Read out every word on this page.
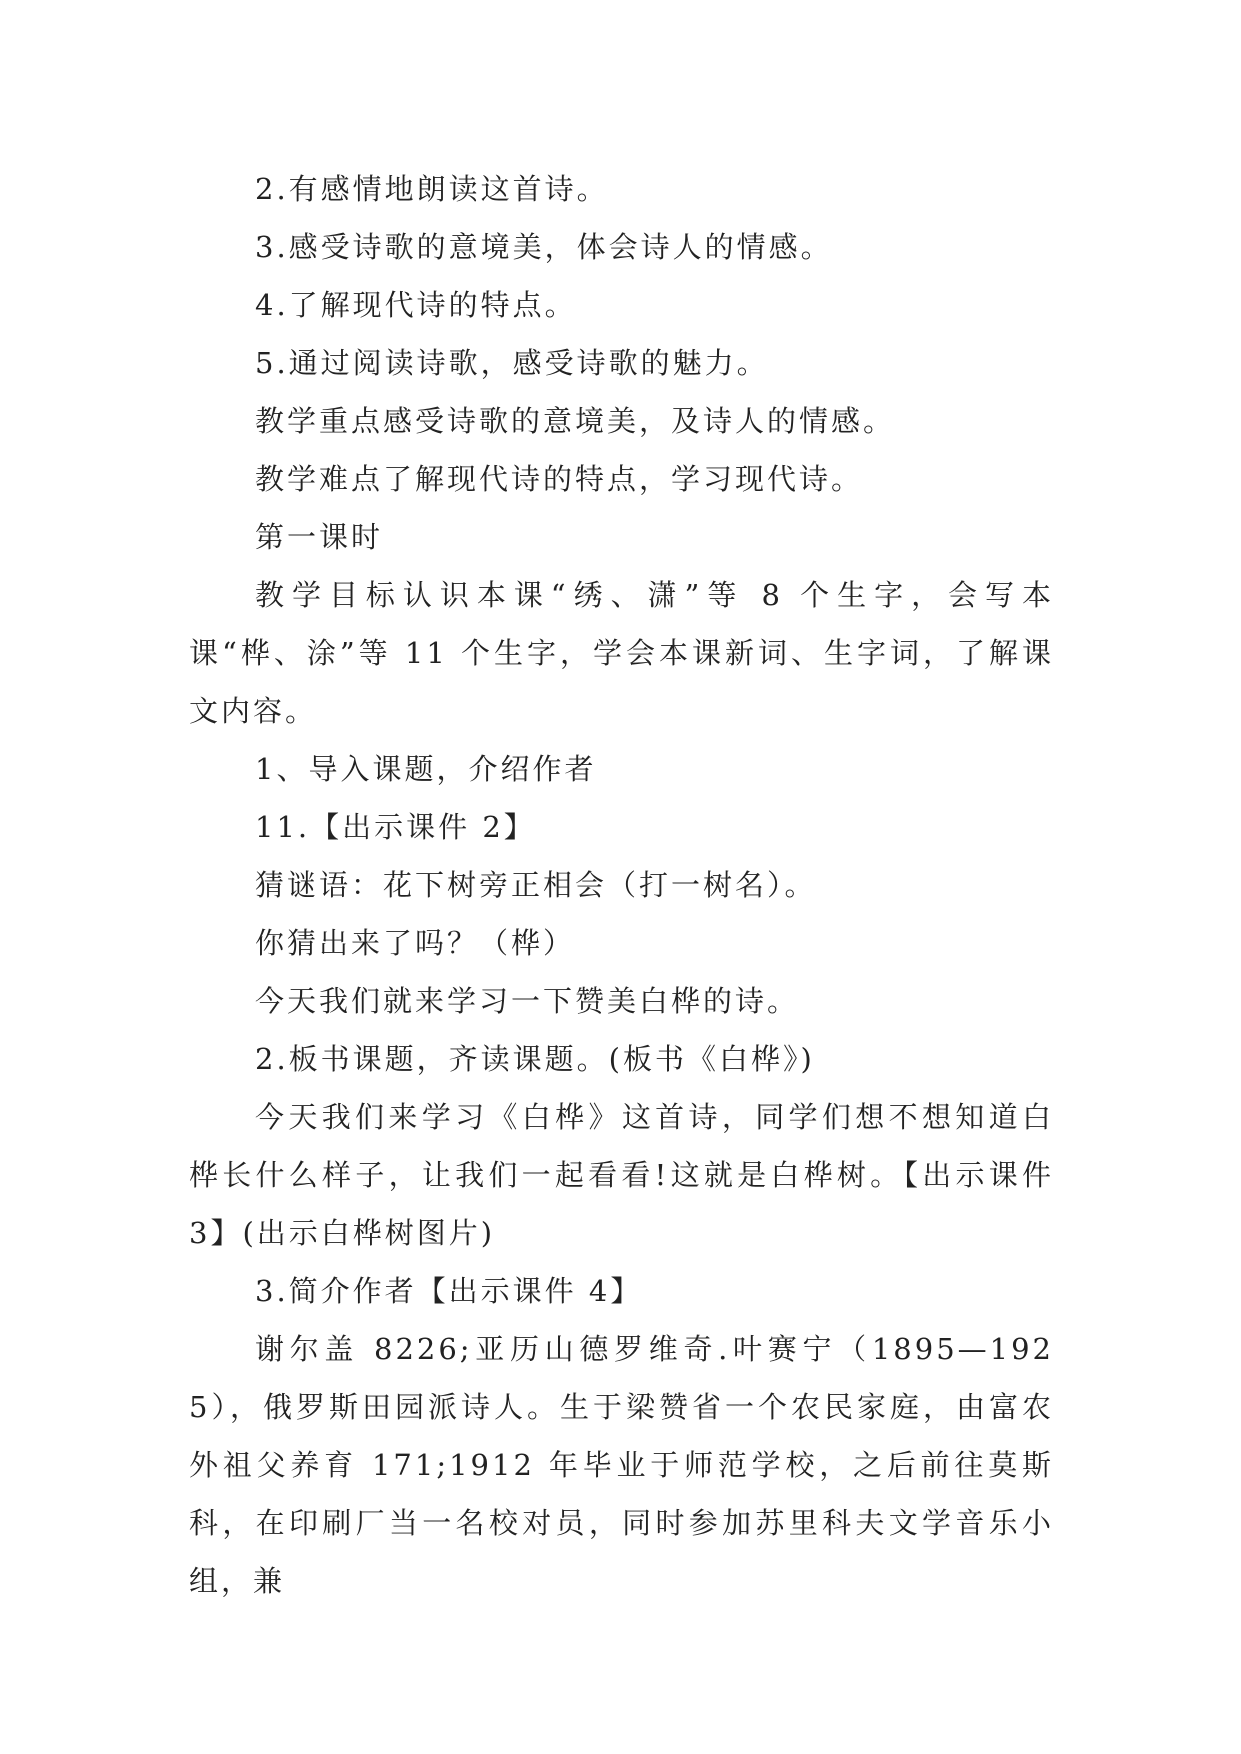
2.有感情地朗读这首诗。

3.感受诗歌的意境美，体会诗人的情感。

4.了解现代诗的特点。

5.通过阅读诗歌，感受诗歌的魅力。

教学重点感受诗歌的意境美，及诗人的情感。

教学难点了解现代诗的特点，学习现代诗。

第一课时

教学目标认识本课“绣、潇”等 8 个生字，会写本课“桦、涂”等 11 个生字，学会本课新词、生字词，了解课文内容。

1、导入课题，介绍作者

11.【出示课件 2】

猜谜语：花下树旁正相会（打一树名）。

你猜出来了吗？（桦）

今天我们就来学习一下赞美白桦的诗。

2.板书课题，齐读课题。(板书《白桦》)

今天我们来学习《白桦》这首诗，同学们想不想知道白桦长什么样子，让我们一起看看!这就是白桦树。【出示课件 3】(出示白桦树图片)

3.简介作者【出示课件 4】

谢尔盖 8226;亚历山德罗维奇.叶赛宁（1895—1925），俄罗斯田园派诗人。生于梁赞省一个农民家庭，由富农外祖父养育 171;1912 年毕业于师范学校，之后前往莫斯科，在印刷厂当一名校对员，同时参加苏里科夫文学音乐小组，兼
